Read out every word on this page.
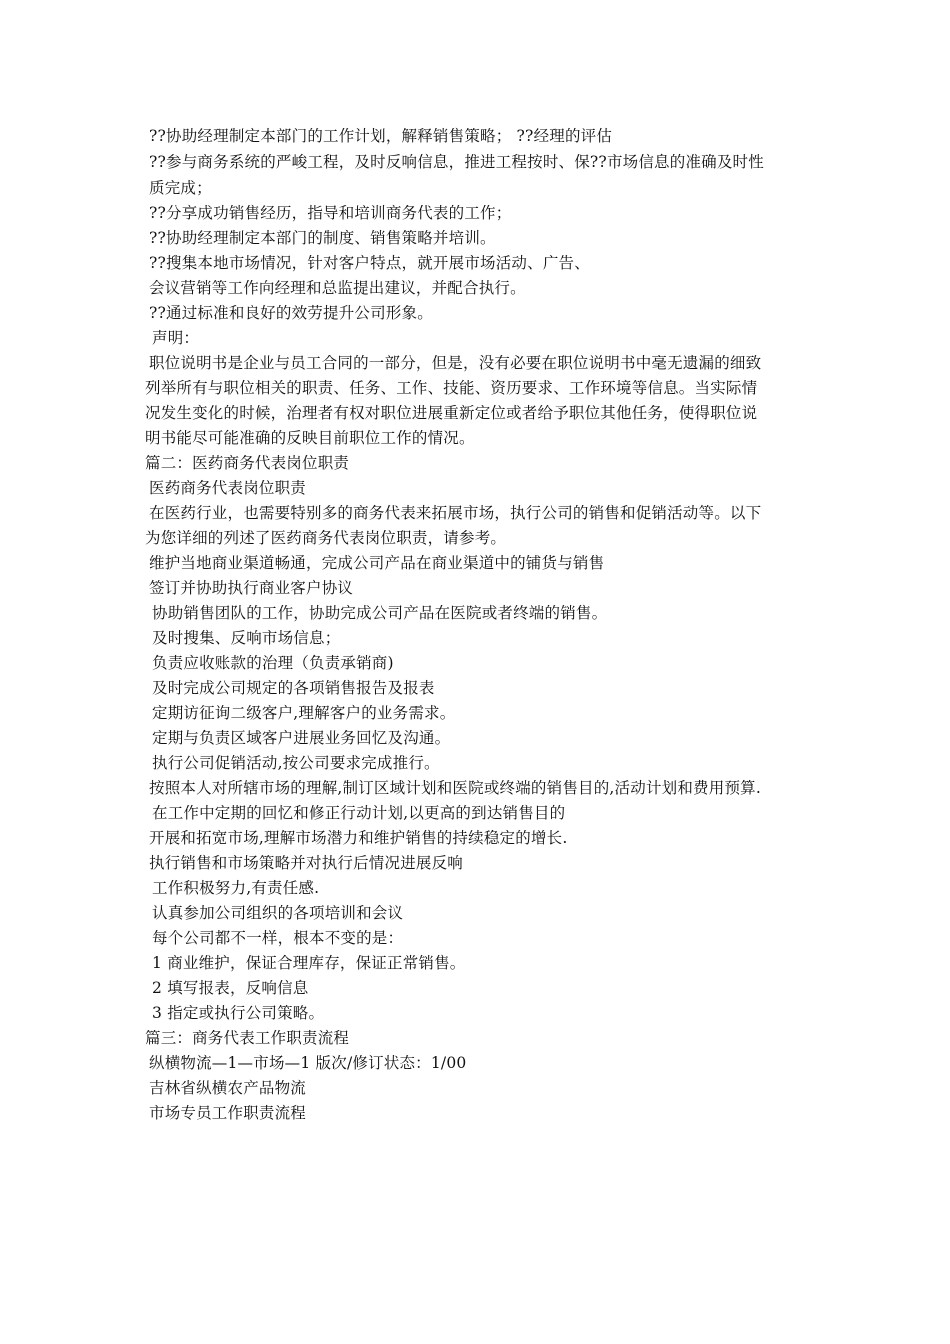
??协助经理制定本部门的工作计划，解释销售策略； ??经理的评估
??参与商务系统的严峻工程，及时反响信息，推进工程按时、保??市场信息的准确及时性
质完成；
??分享成功销售经历，指导和培训商务代表的工作；
??协助经理制定本部门的制度、销售策略并培训。
??搜集本地市场情况，针对客户特点，就开展市场活动、广告、
会议营销等工作向经理和总监提出建议，并配合执行。
??通过标准和良好的效劳提升公司形象。
声明：
职位说明书是企业与员工合同的一部分，但是，没有必要在职位说明书中毫无遗漏的细致
列举所有与职位相关的职责、任务、工作、技能、资历要求、工作环境等信息。当实际情
况发生变化的时候，治理者有权对职位进展重新定位或者给予职位其他任务，使得职位说
明书能尽可能准确的反映目前职位工作的情况。
篇二：医药商务代表岗位职责
医药商务代表岗位职责
在医药行业，也需要特别多的商务代表来拓展市场，执行公司的销售和促销活动等。以下
为您详细的列述了医药商务代表岗位职责，请参考。
维护当地商业渠道畅通，完成公司产品在商业渠道中的铺货与销售
签订并协助执行商业客户协议
协助销售团队的工作，协助完成公司产品在医院或者终端的销售。
及时搜集、反响市场信息；
负责应收账款的治理（负责承销商)
及时完成公司规定的各项销售报告及报表
定期访征询二级客户,理解客户的业务需求。
定期与负责区域客户进展业务回忆及沟通。
执行公司促销活动,按公司要求完成推行。
按照本人对所辖市场的理解,制订区域计划和医院或终端的销售目的,活动计划和费用预算.
在工作中定期的回忆和修正行动计划,以更高的到达销售目的
开展和拓宽市场,理解市场潜力和维护销售的持续稳定的增长.
执行销售和市场策略并对执行后情况进展反响
工作积极努力,有责任感.
认真参加公司组织的各项培训和会议
每个公司都不一样，根本不变的是：
1 商业维护，保证合理库存，保证正常销售。
2 填写报表，反响信息
3 指定或执行公司策略。
篇三：商务代表工作职责流程
纵横物流—1—市场—1 版次/修订状态：1/00
吉林省纵横农产品物流
市场专员工作职责流程
